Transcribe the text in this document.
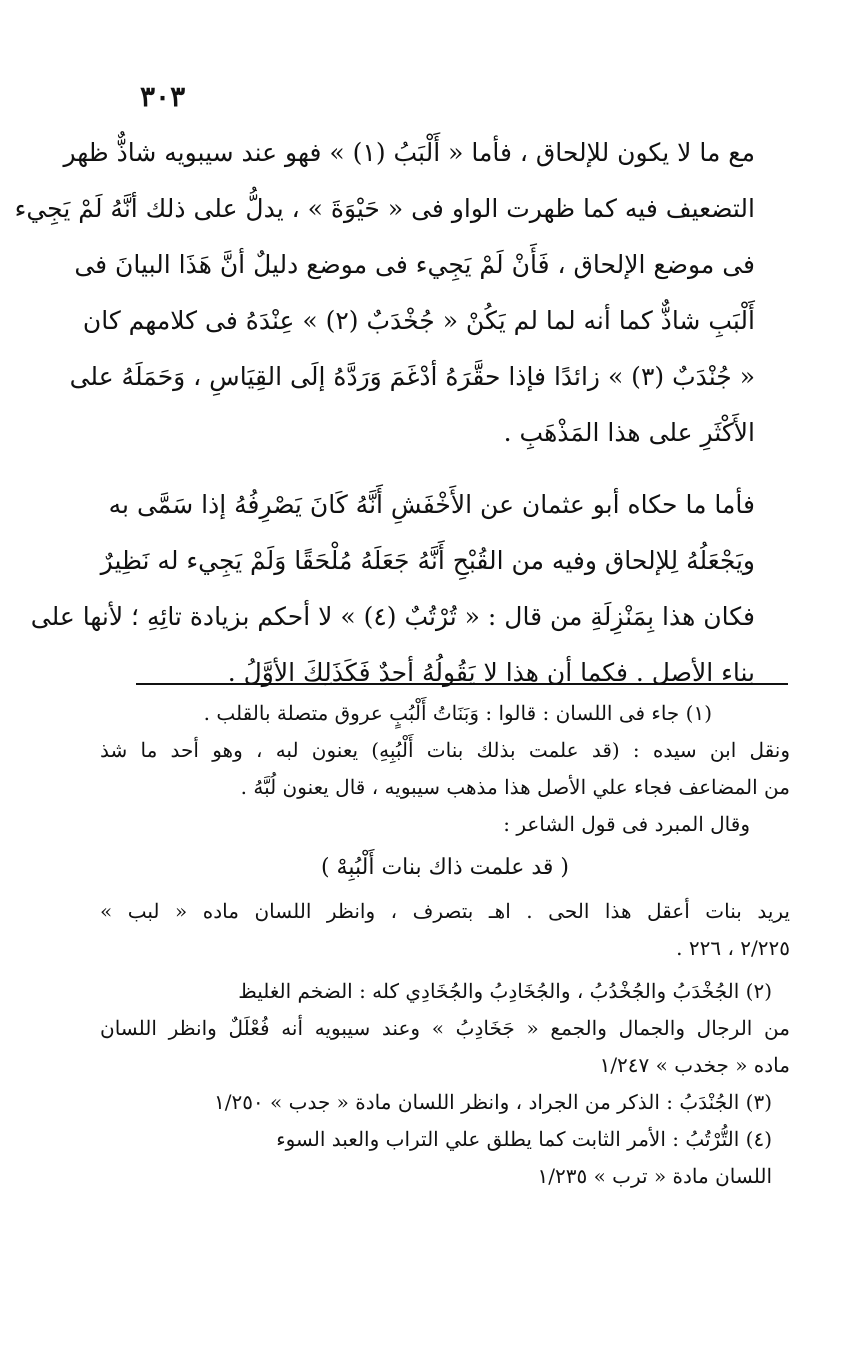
٣٠٣
مع ما لا يكون للإلحاق ، فأما « أَلْبَبُ (١) » فهو عند سيبويه شاذٌّ ظهر
التضعيف فيه كما ظهرت الواو فى « حَيْوَةَ » ، يدلُّ على ذلك أنَّهُ لَمْ يَجِيء
فى موضع الإلحاق ، فَأَنْ لَمْ يَجِيء فى موضع دليلٌ أنَّ هَذَا البيانَ فى
أَلْبَبِ شاذٌّ كما أنه لما لم يَكُنْ « جُخْدَبٌ (٢) » عِنْدَهُ فى كلامهم كان
« جُنْدَبٌ (٣) » زائدًا فإذا حقَّرَهُ أدْغَمَ وَرَدَّهُ إلَى القِيَاسِ ، وَحَمَلَهُ على
الأَكْثَرِ على هذا المَذْهَبِ .
فأما ما حكاه أبو عثمان عن الأَخْفَشِ أَنَّهُ كَانَ يَصْرِفُهُ إذا سَمَّى به
ويَجْعَلُهُ لِلإلحاق وفيه من القُبْحِ أَنَّهُ جَعَلَهُ مُلْحَقًا وَلَمْ يَجِيء له نَظِيرٌ
فكان هذا بِمَنْزِلَةِ من قال : « تُرْتُبٌ (٤) » لا أحكم بزيادة تائِهِ ؛ لأنها على
بناء الأصل . فكما أن هذا لا يَقُولُهُ أحدٌ فَكَذَلِكَ الأوَّلُ .
(١) جاء فى اللسان : قالوا : وَبَنَاتُ أَلْبُبٍ عروق متصلة بالقلب .
ونقل ابن سيده : (قد علمت بذلك بنات أَلْبُبِهِ) يعنون لبه ، وهو أحد ما شذ
من المضاعف فجاء علي الأصل هذا مذهب سيبويه ، قال يعنون لُبَّهُ .
وقال المبرد فى قول الشاعر :
( قد علمت ذاك بنات أَلْبُبِهْ )
يريد بنات أعقل هذا الحى . اهـ بتصرف ، وانظر اللسان ماده « لبب »
٢/٢٢٥ ، ٢٢٦ .
(٢) الجُخْدَبُ والجُخْدُبُ ، والجُخَادِبُ والجُخَادِي كله : الضخم الغليظ
من الرجال والجمال والجمع « جَخَادِبُ » وعند سيبويه أنه فُعْلَلٌ وانظر اللسان
ماده « جخدب » ١/٢٤٧
(٣) الجُنْدَبُ : الذكر من الجراد ، وانظر اللسان مادة « جدب » ١/٢٥٠
(٤) التُّرْتُبُ : الأمر الثابت كما يطلق علي التراب والعبد السوء
اللسان مادة « ترب » ١/٢٣٥
